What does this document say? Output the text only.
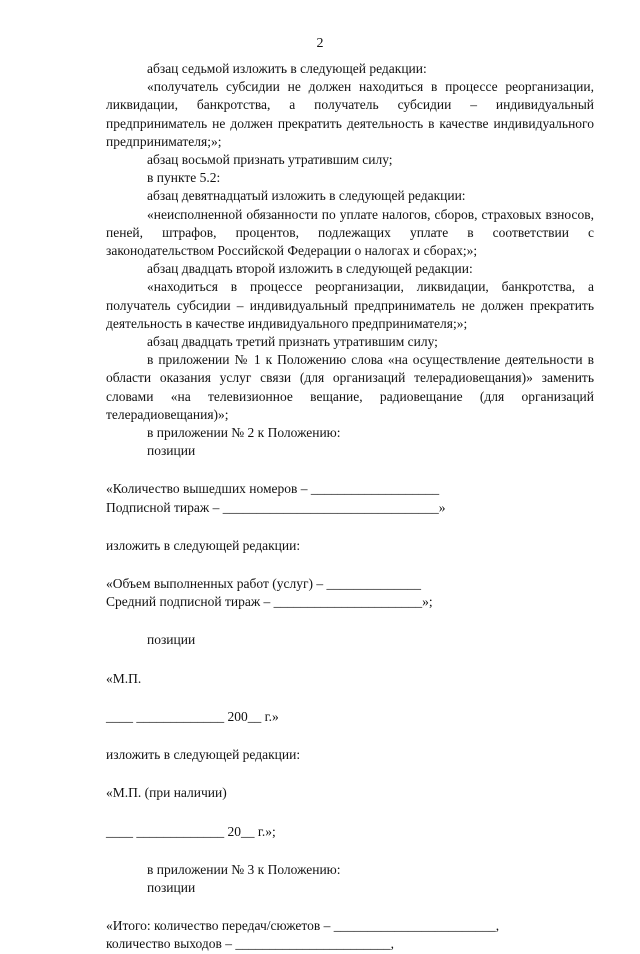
2

абзац седьмой изложить в следующей редакции:

«получатель субсидии не должен находиться в процессе реорганизации, ликвидации, банкротства, а получатель субсидии – индивидуальный предприниматель не должен прекратить деятельность в качестве индивидуального предпринимателя;»;

абзац восьмой признать утратившим силу;

в пункте 5.2:

абзац девятнадцатый изложить в следующей редакции:

«неисполненной обязанности по уплате налогов, сборов, страховых взносов, пеней, штрафов, процентов, подлежащих уплате в соответствии с законодательством Российской Федерации о налогах и сборах;»;

абзац двадцать второй изложить в следующей редакции:

«находиться в процессе реорганизации, ликвидации, банкротства, а получатель субсидии – индивидуальный предприниматель не должен прекратить деятельность в качестве индивидуального предпринимателя;»;

абзац двадцать третий признать утратившим силу;

в приложении № 1 к Положению слова «на осуществление деятельности в области оказания услуг связи (для организаций телерадиовещания)» заменить словами «на телевизионное вещание, радиовещание (для организаций телерадиовещания)»;

в приложении № 2 к Положению:

позиции

«Количество вышедших номеров – ___________________

Подписной тираж – ________________________________»

изложить в следующей редакции:

«Объем выполненных работ (услуг) – ______________

Средний подписной тираж – ______________________»;

позиции

«М.П.

____ _____________ 200__ г.»

изложить в следующей редакции:

«М.П. (при наличии)

____ _____________ 20__ г.»;

в приложении № 3 к Положению:

позиции

«Итого: количество передач/сюжетов – ________________________,

количество выходов – _______________________,
